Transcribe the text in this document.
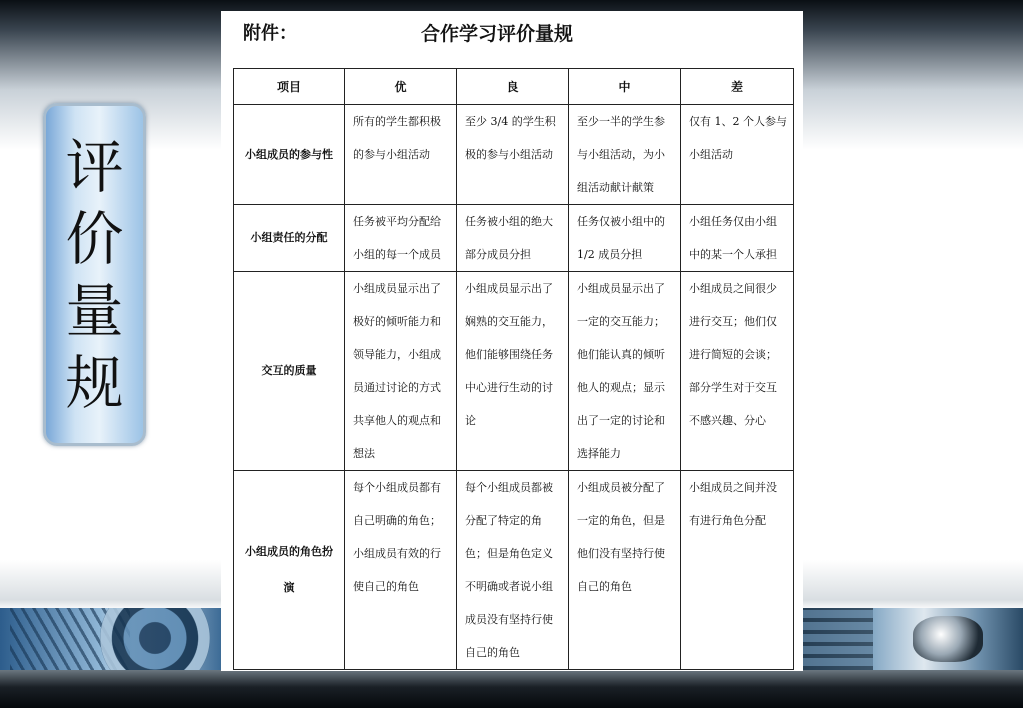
评
价
量
规
附件：	合作学习评价量规
项目	优	良	中	差
小组成员的参与性	所有的学生都积极的参与小组活动	至少 3/4 的学生积极的参与小组活动	至少一半的学生参与小组活动，为小组活动献计献策	仅有 1、2 个人参与小组活动
小组责任的分配	任务被平均分配给小组的每一个成员	任务被小组的绝大部分成员分担	任务仅被小组中的 1/2 成员分担	小组任务仅由小组中的某一个人承担
交互的质量	小组成员显示出了极好的倾听能力和领导能力，小组成员通过讨论的方式共享他人的观点和想法	小组成员显示出了娴熟的交互能力，他们能够围绕任务中心进行生动的讨论	小组成员显示出了一定的交互能力；他们能认真的倾听他人的观点；显示出了一定的讨论和选择能力	小组成员之间很少进行交互；他们仅进行简短的会谈；部分学生对于交互不感兴趣、分心
小组成员的角色扮演	每个小组成员都有自己明确的角色；小组成员有效的行使自己的角色	每个小组成员都被分配了特定的角色；但是角色定义不明确或者说小组成员没有坚持行使自己的角色	小组成员被分配了一定的角色，但是他们没有坚持行使自己的角色	小组成员之间并没有进行角色分配
